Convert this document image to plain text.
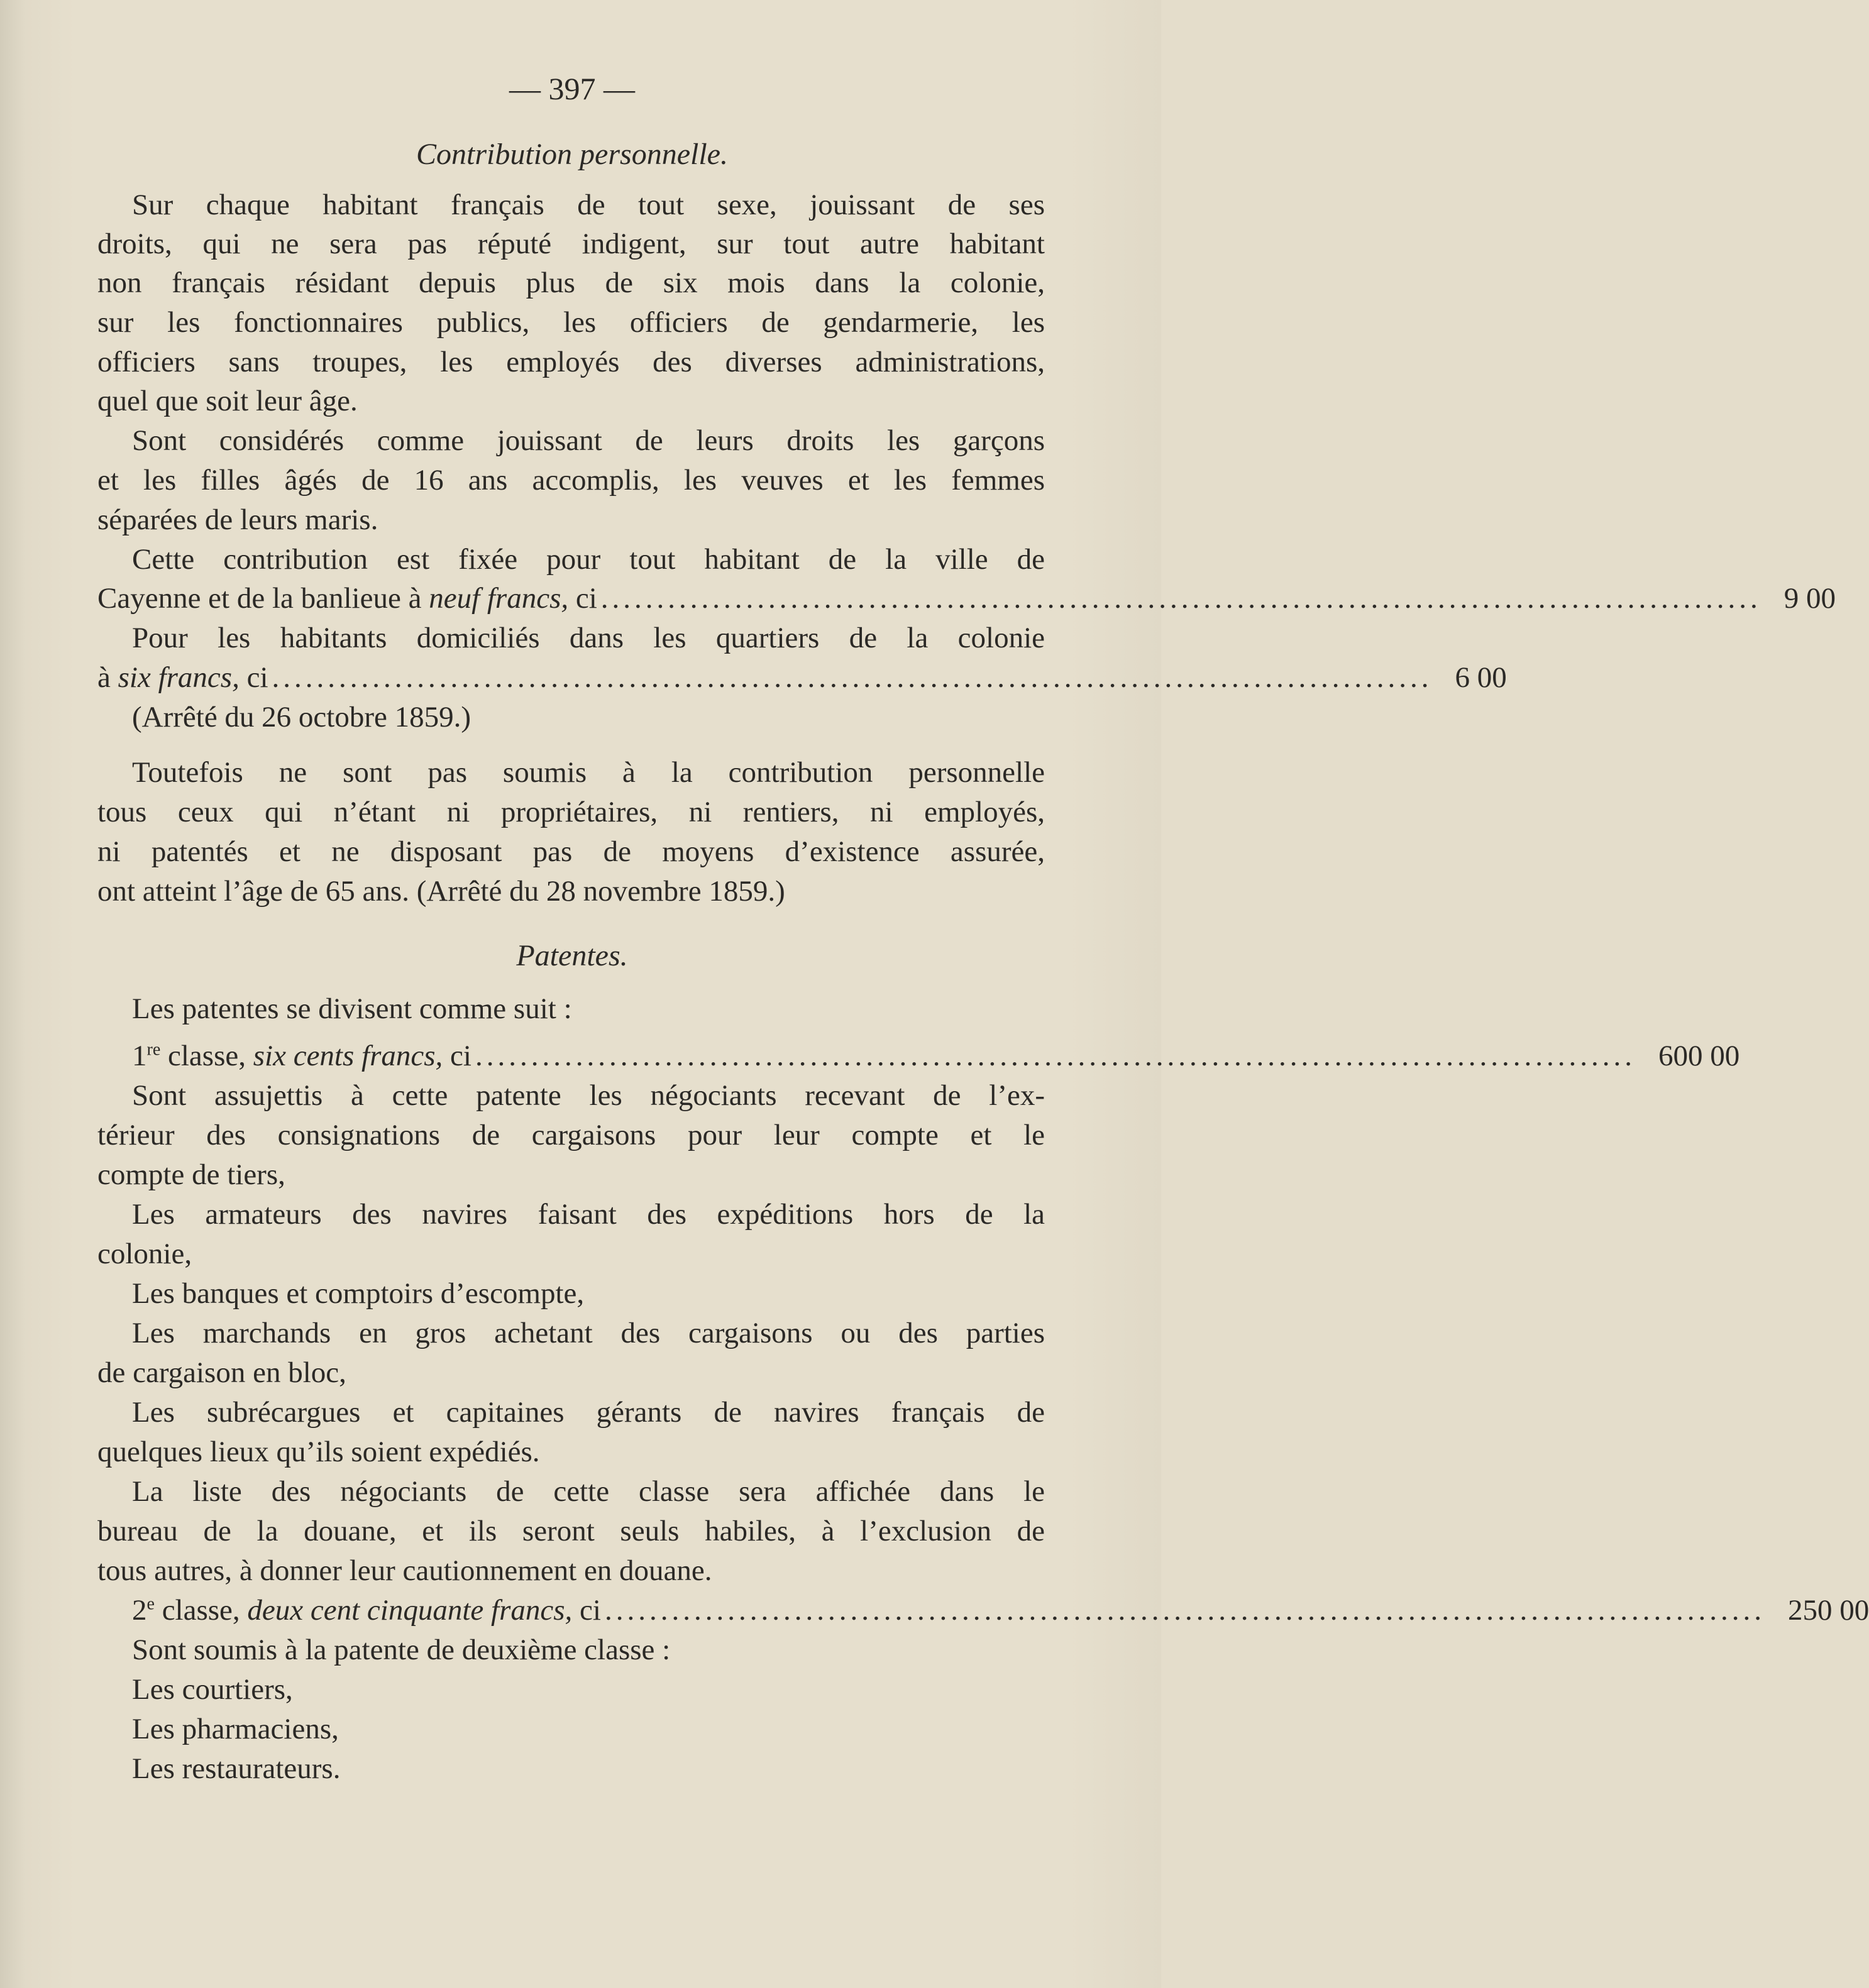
— 397 —
Contribution personnelle.
Sur chaque habitant français de tout sexe, jouissant de ses
droits, qui ne sera pas réputé indigent, sur tout autre habitant
non français résidant depuis plus de six mois dans la colonie,
sur les fonctionnaires publics, les officiers de gendarmerie, les
officiers sans troupes, les employés des diverses administrations,
quel que soit leur âge.
Sont considérés comme jouissant de leurs droits les garçons
et les filles âgés de 16 ans accomplis, les veuves et les femmes
séparées de leurs maris.
Cette contribution est fixée pour tout habitant de la ville de
Cayenne et de la banlieue à neuf francs, ci ........................................................................................................ 9 00
Pour les habitants domiciliés dans les quartiers de la colonie
à six francs, ci ........................................................................................................ 6 00
(Arrêté du 26 octobre 1859.)
Toutefois ne sont pas soumis à la contribution personnelle
tous ceux qui n’étant ni propriétaires, ni rentiers, ni employés,
ni patentés et ne disposant pas de moyens d’existence assurée,
ont atteint l’âge de 65 ans. (Arrêté du 28 novembre 1859.)
Patentes.
Les patentes se divisent comme suit :
1re classe, six cents francs, ci ........................................................................................................ 600 00
Sont assujettis à cette patente les négociants recevant de l’ex-
térieur des consignations de cargaisons pour leur compte et le
compte de tiers,
Les armateurs des navires faisant des expéditions hors de la
colonie,
Les banques et comptoirs d’escompte,
Les marchands en gros achetant des cargaisons ou des parties
de cargaison en bloc,
Les subrécargues et capitaines gérants de navires français de
quelques lieux qu’ils soient expédiés.
La liste des négociants de cette classe sera affichée dans le
bureau de la douane, et ils seront seuls habiles, à l’exclusion de
tous autres, à donner leur cautionnement en douane.
2e classe, deux cent cinquante francs, ci ........................................................................................................ 250 00
Sont soumis à la patente de deuxième classe :
Les courtiers,
Les pharmaciens,
Les restaurateurs.
